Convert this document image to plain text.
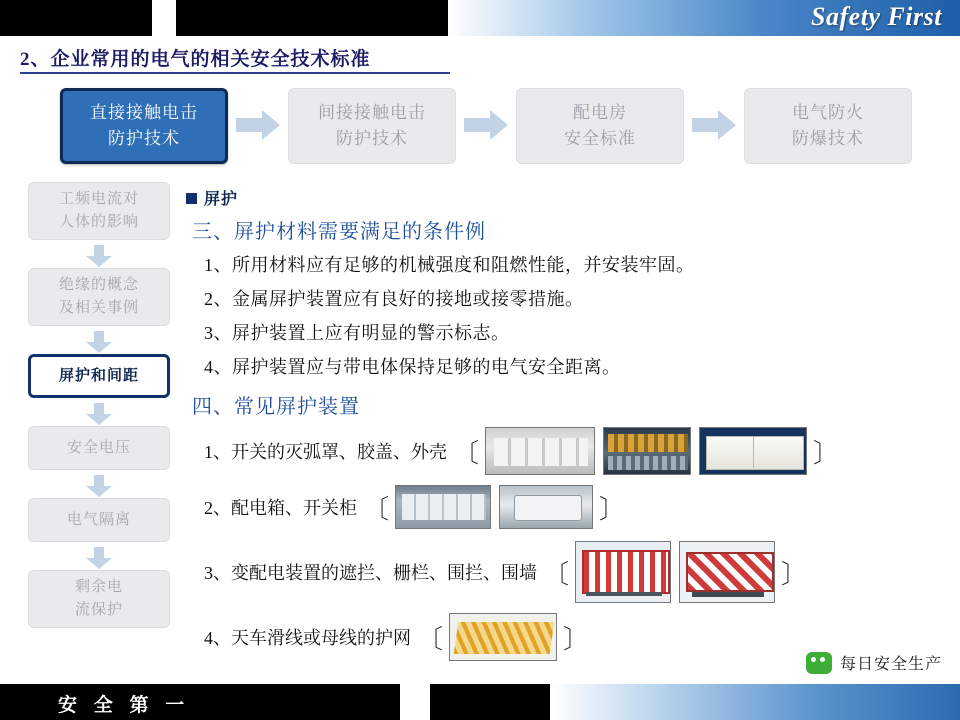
Safety First
2、企业常用的电气的相关安全技术标准
直接接触电击
防护技术
间接接触电击
防护技术
配电房
安全标准
电气防火
防爆技术
工频电流对
人体的影响
绝缘的概念
及相关事例
屏护和间距
安全电压
电气隔离
剩余电
流保护
屏护
三、屏护材料需要满足的条件例
1、所用材料应有足够的机械强度和阻燃性能，并安装牢固。
2、金属屏护装置应有良好的接地或接零措施。
3、屏护装置上应有明显的警示标志。
4、屏护装置应与带电体保持足够的电气安全距离。
四、常见屏护装置
1、开关的灭弧罩、胶盖、外壳 〔	〕
2、配电箱、开关柜 〔	〕
3、变配电装置的遮拦、栅栏、围拦、围墙 〔	〕
4、天车滑线或母线的护网 〔	〕
每日安全生产
安 全 第 一
